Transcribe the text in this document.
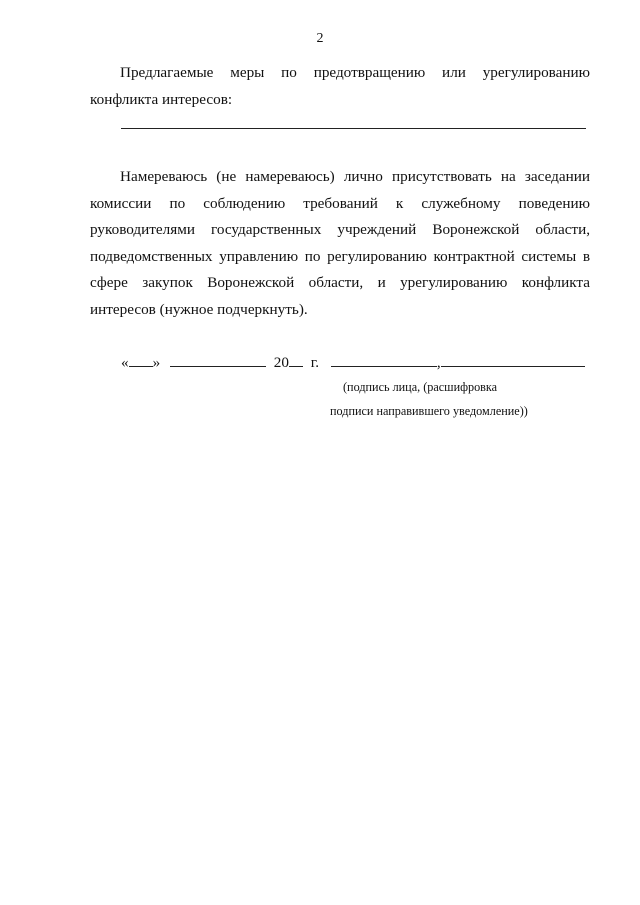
2

Предлагаемые меры по предотвращению или урегулированию
конфликта интересов:

Намереваюсь (не намереваюсь) лично присутствовать на заседании комиссии по соблюдению требований к служебному поведению руководителями государственных учреждений Воронежской области, подведомственных управлению по регулированию контрактной системы в сфере закупок Воронежской области, и урегулированию конфликта интересов (нужное подчеркнуть).

« »	20 г.	,
(подпись лица, (расшифровка
подписи направившего уведомление))
